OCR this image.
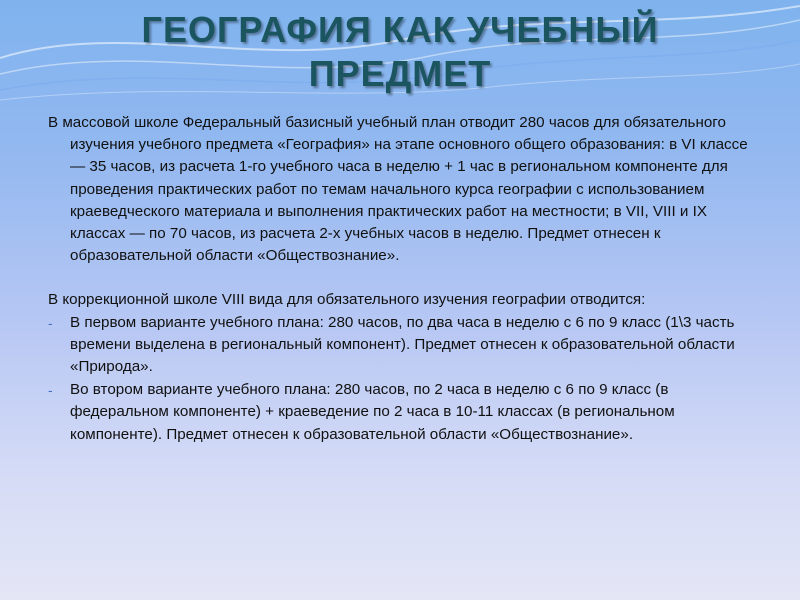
ГЕОГРАФИЯ КАК УЧЕБНЫЙ
ПРЕДМЕТ

В массовой школе Федеральный базисный учебный план отводит 280 часов для обязательного изучения учебного предмета «География» на этапе основного общего образования: в VI классе — 35 часов, из расчета 1-го учебного часа в неделю + 1 час в региональном компоненте для проведения практических работ по темам начального курса географии с использованием краеведческого материала и выполнения практических работ на местности; в VII, VIII и IX классах — по 70 часов, из расчета 2-х учебных часов в неделю. Предмет отнесен к образовательной области «Обществознание».

В коррекционной школе VIII вида для обязательного изучения географии отводится:

- В первом варианте учебного плана: 280 часов, по два часа в неделю с 6 по 9 класс (1\3 часть времени выделена в региональный компонент). Предмет отнесен к образовательной области «Природа».
- Во втором варианте учебного плана: 280 часов, по 2 часа в неделю с 6 по 9 класс (в федеральном компоненте) + краеведение по 2 часа в 10-11 классах (в региональном компоненте). Предмет отнесен к образовательной области «Обществознание».
